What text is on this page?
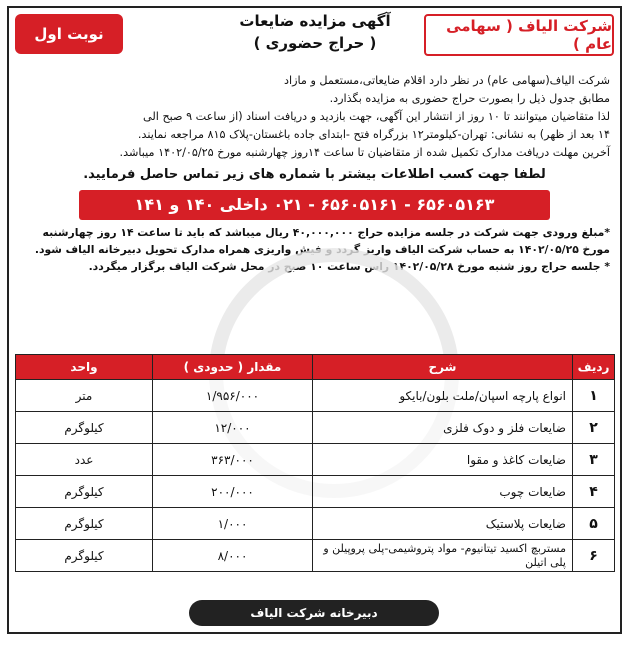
شرکت الیاف ( سهامی عام )
آگهی مزایده ضایعات
( حراج حضوری )
نوبت اول

شرکت الیاف(سهامی عام) در نظر دارد اقلام ضایعاتی،مستعمل و مازاد

مطابق جدول ذیل را بصورت حراج حضوری به مزایده بگذارد.

لذا متقاضیان میتوانند تا ۱۰ روز از انتشار این آگهی، جهت بازدید و دریافت اسناد (از ساعت ۹ صبح الی

۱۴ بعد از ظهر) به نشانی: تهران-کیلومتر۱۲ بزرگراه فتح -ابتدای جاده باغستان-پلاک ۸۱۵ مراجعه نمایند.

آخرین مهلت دریافت مدارک تکمیل شده از متقاضیان تا ساعت ۱۴روز چهارشنبه مورخ ۱۴۰۲/۰۵/۲۵ میباشد.

لطفا جهت کسب اطلاعات بیشتر با شماره های زیر تماس حاصل فرمایید.
۶۵۶۰۵۱۶۳ - ۶۵۶۰۵۱۶۱ - ۰۲۱ داخلی ۱۴۰ و ۱۴۱

*مبلغ ورودی جهت شرکت در جلسه مزایده حراج ۴۰,۰۰۰,۰۰۰ ریال میباشد که باید تا ساعت ۱۴ روز چهارشنبه

مورخ ۱۴۰۲/۰۵/۲۵ به حساب شرکت الیاف واریز گردد و فیش واریزی همراه مدارک تحویل دبیرخانه الیاف شود.

* جلسه حراج روز شنبه مورخ ۱۴۰۲/۰۵/۲۸ راس ساعت ۱۰ صبح در محل شرکت الیاف برگزار میگردد.

ردیف	شرح	مقدار ( حدودی )	واحد
۱	انواع پارچه اسپان/ملت بلون/بایکو	۱/۹۵۶/۰۰۰	متر
۲	ضایعات فلز و دوک فلزی	۱۲/۰۰۰	کیلوگرم
۳	ضایعات کاغذ و مقوا	۳۶۳/۰۰۰	عدد
۴	ضایعات چوب	۲۰۰/۰۰۰	کیلوگرم
۵	ضایعات پلاستیک	۱/۰۰۰	کیلوگرم
۶	مستربچ اکسید تیتانیوم- مواد پتروشیمی-پلی پروپیلن و پلی اتیلن	۸/۰۰۰	کیلوگرم
دبیرخانه شرکت الیاف
